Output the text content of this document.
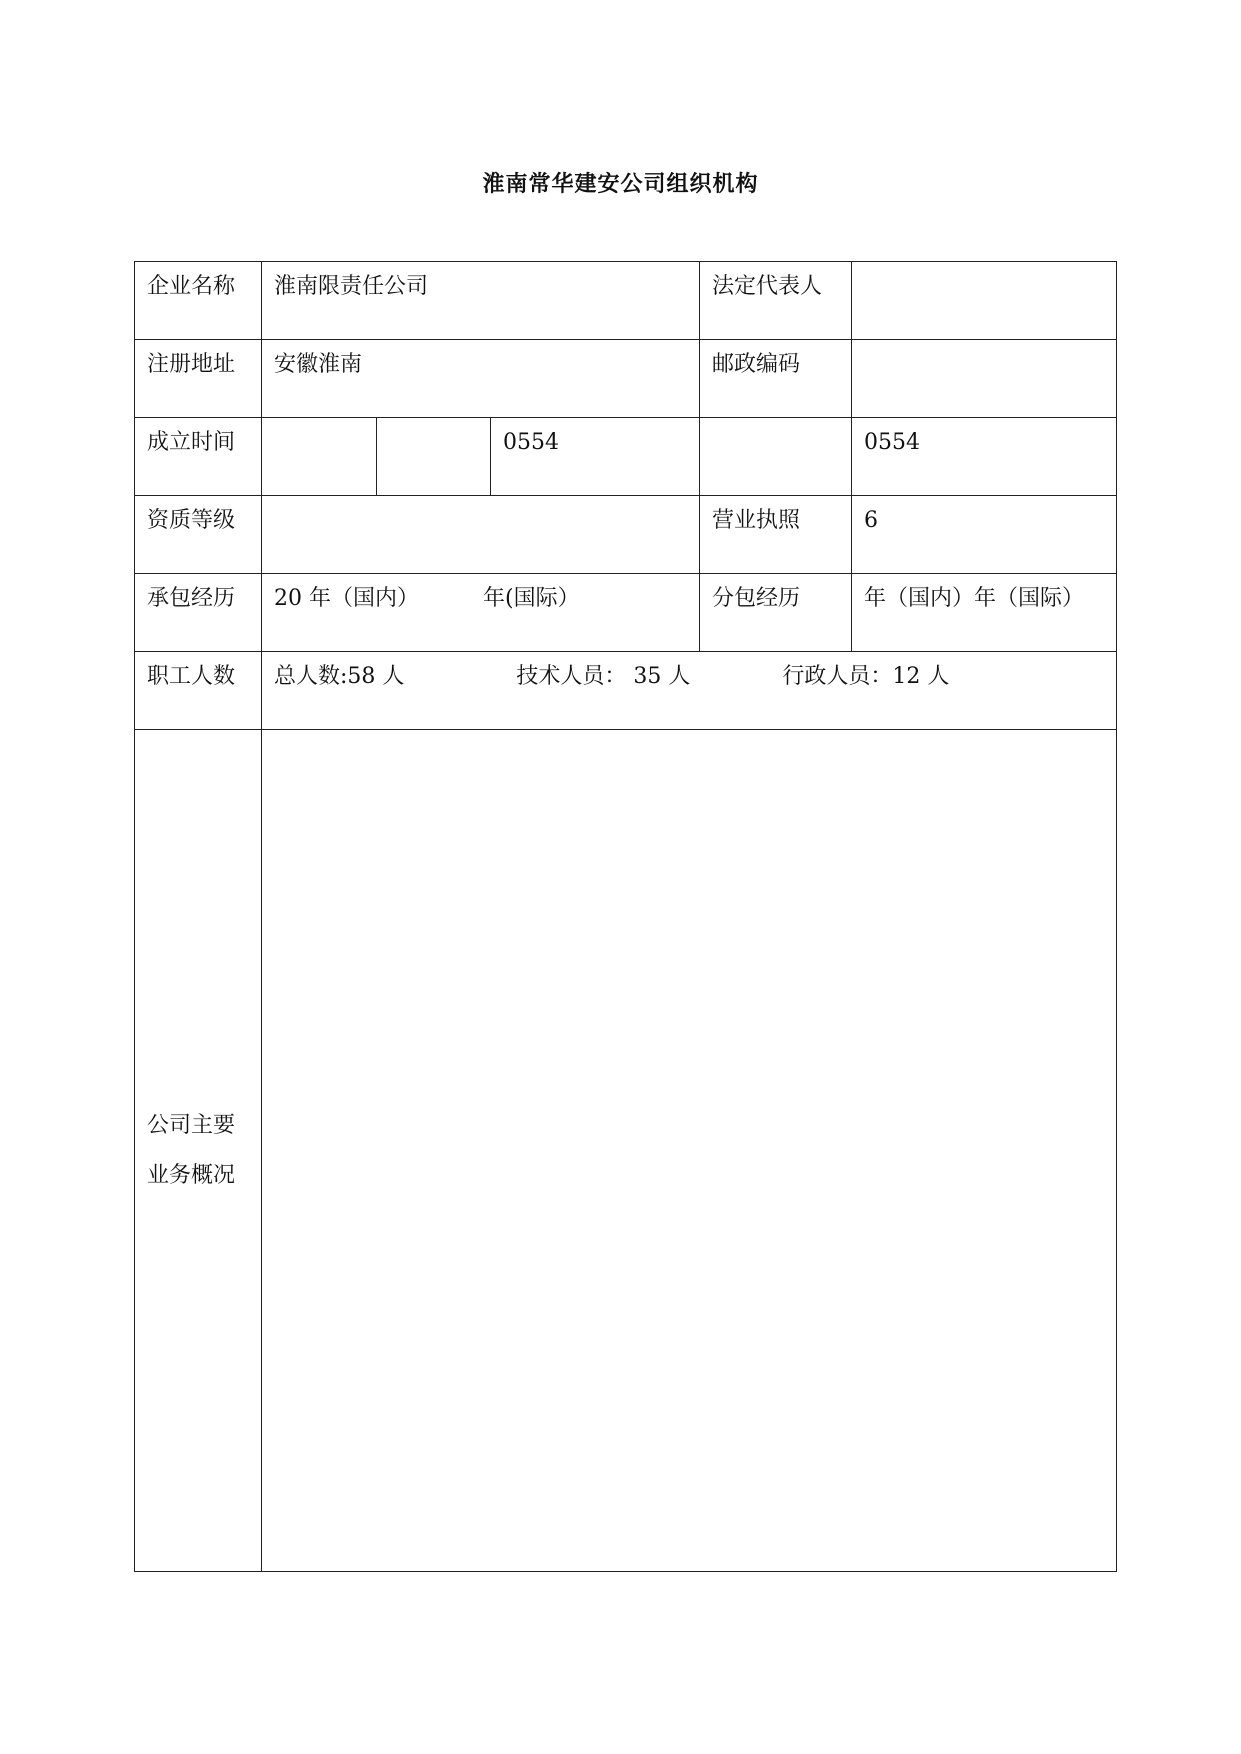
淮南常华建安公司组织机构
企业名称	淮南限责任公司			法定代表人	
注册地址	安徽淮南			邮政编码	
成立时间			0554		0554
资质等级				营业执照	6
承包经历	20 年（国内） 年(国际）			分包经历	年（国内）年（国际）
职工人数	总人数:58 人 技术人员： 35 人 行政人员：12 人				

公司主要
业务概况					
